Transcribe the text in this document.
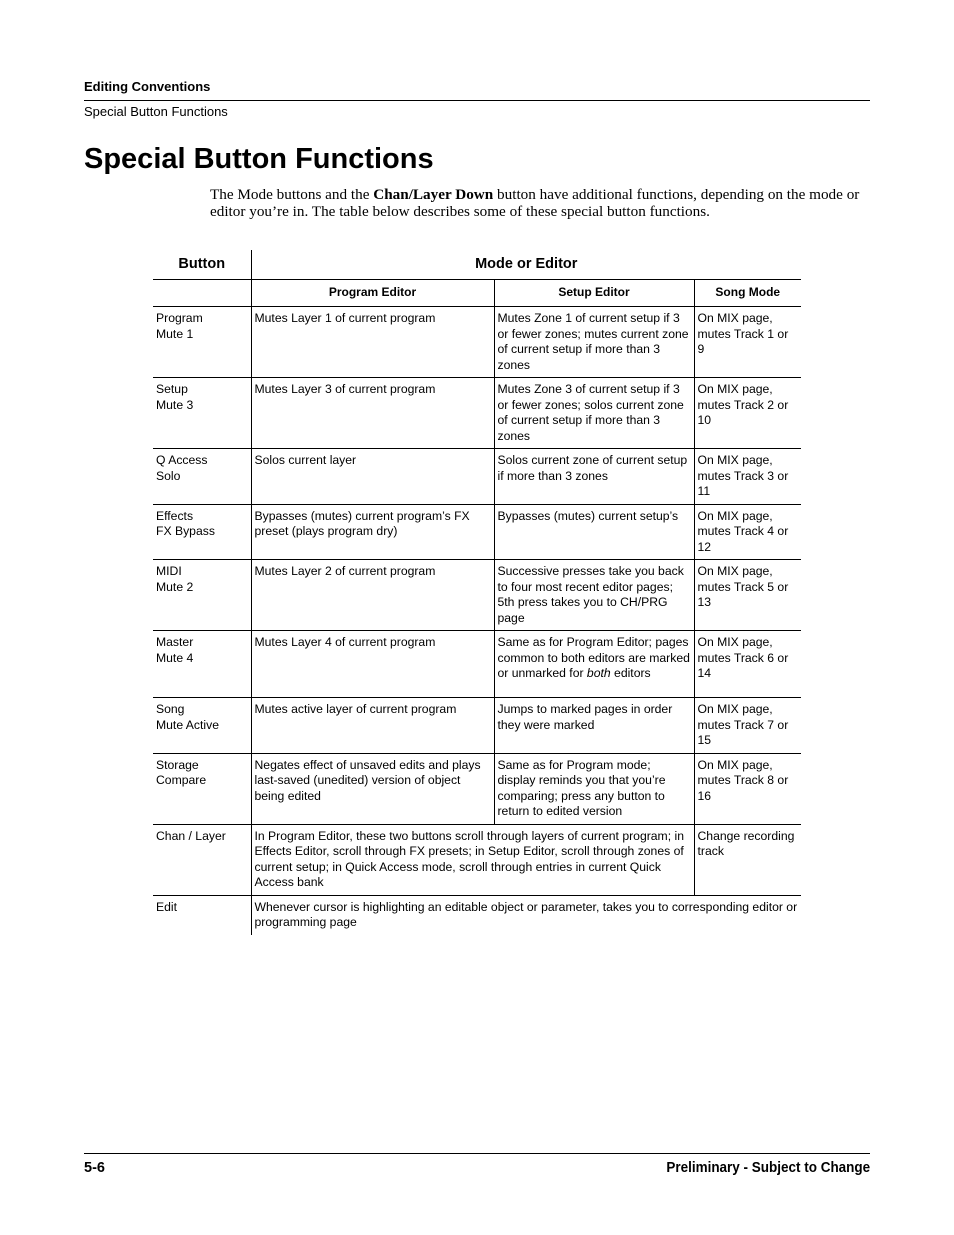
Editing Conventions
Special Button Functions
Special Button Functions

The Mode buttons and the Chan/Layer Down button have additional functions, depending on the mode or editor you’re in. The table below describes some of these special button functions.

Button	Mode or Editor		
	Program Editor	Setup Editor	Song Mode
Program
Mute 1	Mutes Layer 1 of current program	Mutes Zone 1 of current setup if 3 or fewer zones; mutes current zone of current setup if more than 3 zones	On MIX page, mutes Track 1 or 9
Setup
Mute 3	Mutes Layer 3 of current program	Mutes Zone 3 of current setup if 3 or fewer zones; solos current zone of current setup if more than 3 zones	On MIX page, mutes Track 2 or 10
Q Access
Solo	Solos current layer	Solos current zone of current setup if more than 3 zones	On MIX page, mutes Track 3 or 11
Effects
FX Bypass	Bypasses (mutes) current program’s FX preset (plays program dry)	Bypasses (mutes) current setup’s	On MIX page, mutes Track 4 or 12
MIDI
Mute 2	Mutes Layer 2 of current program	Successive presses take you back to four most recent editor pages; 5th press takes you to CH/PRG page	On MIX page, mutes Track 5 or 13
Master
Mute 4	Mutes Layer 4 of current program	Same as for Program Editor; pages common to both editors are marked or unmarked for both editors	On MIX page, mutes Track 6 or 14
Song
Mute Active	Mutes active layer of current program	Jumps to marked pages in order they were marked	On MIX page, mutes Track 7 or 15
Storage
Compare	Negates effect of unsaved edits and plays last-saved (unedited) version of object being edited	Same as for Program mode; display reminds you that you’re comparing; press any button to return to edited version	On MIX page, mutes Track 8 or 16
Chan / Layer	In Program Editor, these two buttons scroll through layers of current program; in Effects Editor, scroll through FX presets; in Setup Editor, scroll through zones of current setup; in Quick Access mode, scroll through entries in current Quick Access bank		Change recording track
Edit	Whenever cursor is highlighting an editable object or parameter, takes you to corresponding editor or programming page		
5-6	Preliminary - Subject to Change
